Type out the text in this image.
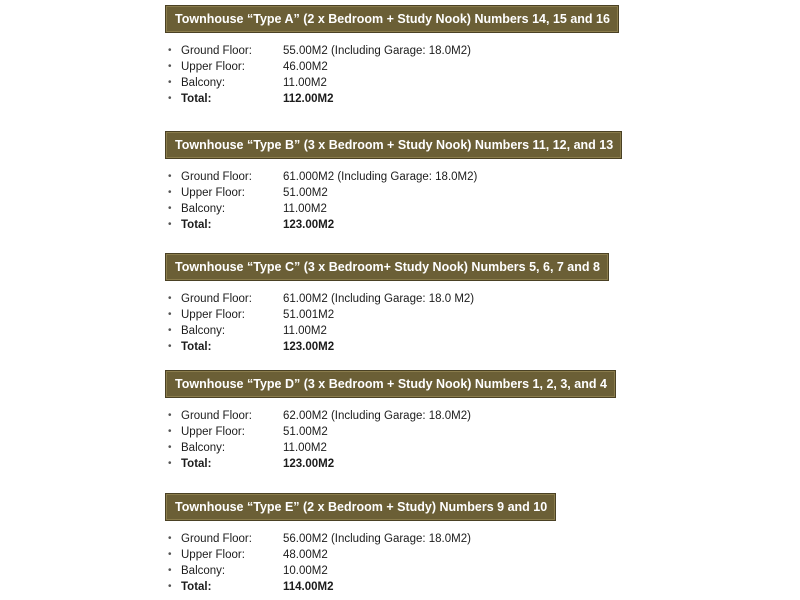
Townhouse “Type A” (2 x Bedroom + Study Nook) Numbers 14, 15 and 16
• Ground Floor:	55.00M2 (Including Garage: 18.0M2)
• Upper Floor:	46.00M2
• Balcony:	11.00M2
• Total:	112.00M2
Townhouse “Type B” (3 x Bedroom + Study Nook) Numbers 11, 12, and 13
• Ground Floor:	61.000M2 (Including Garage: 18.0M2)
• Upper Floor:	51.00M2
• Balcony:	11.00M2
• Total:	123.00M2
Townhouse “Type C” (3 x Bedroom+ Study Nook) Numbers 5, 6, 7 and 8
• Ground Floor:	61.00M2 (Including Garage: 18.0 M2)
• Upper Floor:	51.001M2
• Balcony:	11.00M2
• Total:	123.00M2
Townhouse “Type D” (3 x Bedroom + Study Nook) Numbers 1, 2, 3, and 4
• Ground Floor:	62.00M2 (Including Garage: 18.0M2)
• Upper Floor:	51.00M2
• Balcony:	11.00M2
• Total:	123.00M2
Townhouse “Type E” (2 x Bedroom + Study) Numbers 9 and 10
• Ground Floor:	56.00M2 (Including Garage: 18.0M2)
• Upper Floor:	48.00M2
• Balcony:	10.00M2
• Total:	114.00M2
